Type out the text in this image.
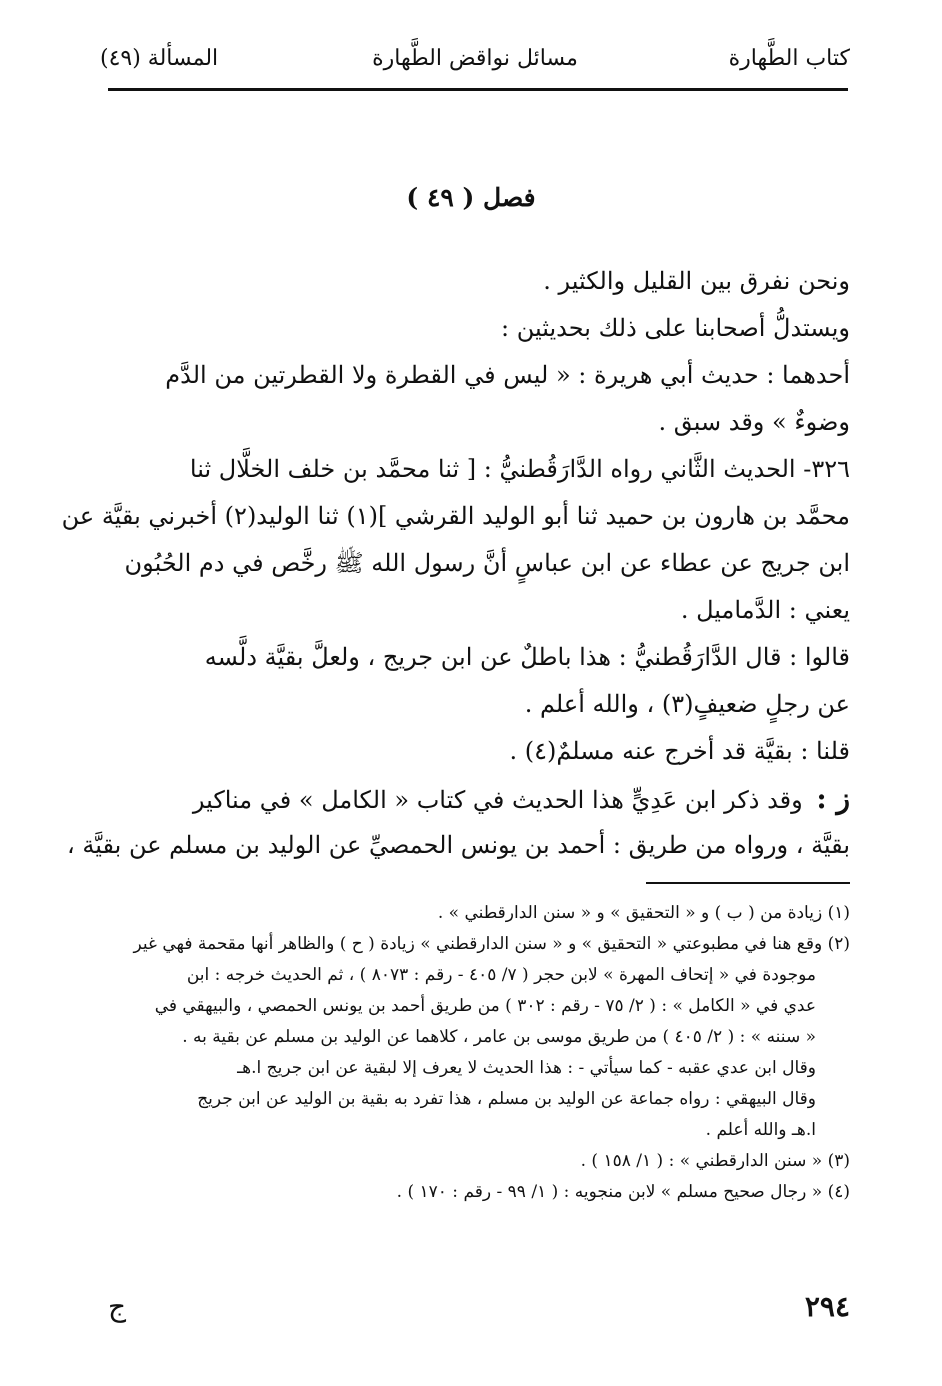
كتاب الطَّهارة
مسائل نواقض الطَّهارة
المسألة (٤٩)
فصل ( ٤٩ )
ونحن نفرق بين القليل والكثير .
ويستدلُّ أصحابنا على ذلك بحديثين :
أحدهما : حديث أبي هريرة : « ليس في القطرة ولا القطرتين من الدَّم
وضوءٌ » وقد سبق .
٣٢٦- الحديث الثَّاني رواه الدَّارَقُطنيُّ : [ ثنا محمَّد بن خلف الخلَّال ثنا
محمَّد بن هارون بن حميد ثنا أبو الوليد القرشي ](١) ثنا الوليد(٢) أخبرني بقيَّة عن
ابن جريج عن عطاء عن ابن عباسٍ أنَّ رسول الله ﷺ رخَّص في دم الحُبُون
يعني : الدَّماميل .
قالوا : قال الدَّارَقُطنيُّ : هذا باطلٌ عن ابن جريج ، ولعلَّ بقيَّة دلَّسه
عن رجلٍ ضعيفٍ(٣) ، والله أعلم .
قلنا : بقيَّة قد أخرج عنه مسلمٌ(٤) .
ز : وقد ذكر ابن عَدِيٍّ هذا الحديث في كتاب « الكامل » في مناكير
بقيَّة ، ورواه من طريق : أحمد بن يونس الحمصيِّ عن الوليد بن مسلم عن بقيَّة ،
(١) زيادة من ( ب ) و « التحقيق » و « سنن الدارقطني » .
(٢) وقع هنا في مطبوعتي « التحقيق » و « سنن الدارقطني » زيادة ( ح ) والظاهر أنها مقحمة فهي غير
موجودة في « إتحاف المهرة » لابن حجر ( ٧/ ٤٠٥ - رقم : ٨٠٧٣ ) ، ثم الحديث خرجه : ابن
عدي في « الكامل » : ( ٢/ ٧٥ - رقم : ٣٠٢ ) من طريق أحمد بن يونس الحمصي ، والبيهقي في
« سننه » : ( ٢/ ٤٠٥ ) من طريق موسى بن عامر ، كلاهما عن الوليد بن مسلم عن بقية به .
وقال ابن عدي عقبه - كما سيأتي - : هذا الحديث لا يعرف إلا لبقية عن ابن جريج ا.هـ
وقال البيهقي : رواه جماعة عن الوليد بن مسلم ، هذا تفرد به بقية بن الوليد عن ابن جريج
ا.هـ والله أعلم .
(٣) « سنن الدارقطني » : ( ١/ ١٥٨ ) .
(٤) « رجال صحيح مسلم » لابن منجويه : ( ١/ ٩٩ - رقم : ١٧٠ ) .
٢٩٤
ج
